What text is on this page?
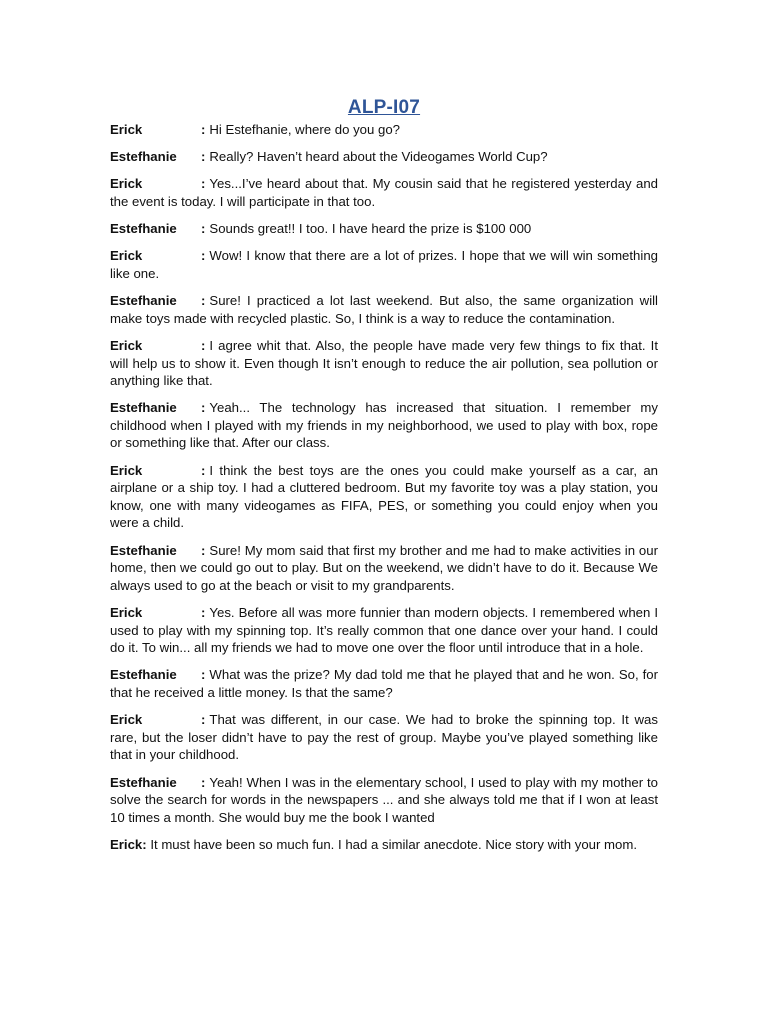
ALP-I07
Erick	: Hi Estefhanie, where do you go?
Estefhanie : Really? Haven’t heard about the Videogames World Cup?
Erick	: Yes...I’ve heard about that. My cousin said that he registered yesterday and the event is today. I will participate in that too.
Estefhanie : Sounds great!! I too. I have heard the prize is $100 000
Erick	: Wow! I know that there are a lot of prizes. I hope that we will win something like one.
Estefhanie : Sure! I practiced a lot last weekend. But also, the same organization will make toys made with recycled plastic. So, I think is a way to reduce the contamination.
Erick	: I agree whit that. Also, the people have made very few things to fix that. It will help us to show it. Even though It isn’t enough to reduce the air pollution, sea pollution or anything like that.
Estefhanie : Yeah... The technology has increased that situation. I remember my childhood when I played with my friends in my neighborhood, we used to play with box, rope or something like that. After our class.
Erick	: I think the best toys are the ones you could make yourself as a car, an airplane or a ship toy. I had a cluttered bedroom. But my favorite toy was a play station, you know, one with many videogames as FIFA, PES, or something you could enjoy when you were a child.
Estefhanie : Sure! My mom said that first my brother and me had to make activities in our home, then we could go out to play. But on the weekend, we didn’t have to do it. Because We always used to go at the beach or visit to my grandparents.
Erick	: Yes. Before all was more funnier than modern objects. I remembered when I used to play with my spinning top. It’s really common that one dance over your hand. I could do it. To win... all my friends we had to move one over the floor until introduce that in a hole.
Estefhanie : What was the prize? My dad told me that he played that and he won. So, for that he received a little money. Is that the same?
Erick	: That was different, in our case. We had to broke the spinning top. It was rare, but the loser didn’t have to pay the rest of group. Maybe you’ve played something like that in your childhood.
Estefhanie : Yeah! When I was in the elementary school, I used to play with my mother to solve the search for words in the newspapers ... and she always told me that if I won at least 10 times a month. She would buy me the book I wanted
Erick: It must have been so much fun. I had a similar anecdote. Nice story with your mom.
